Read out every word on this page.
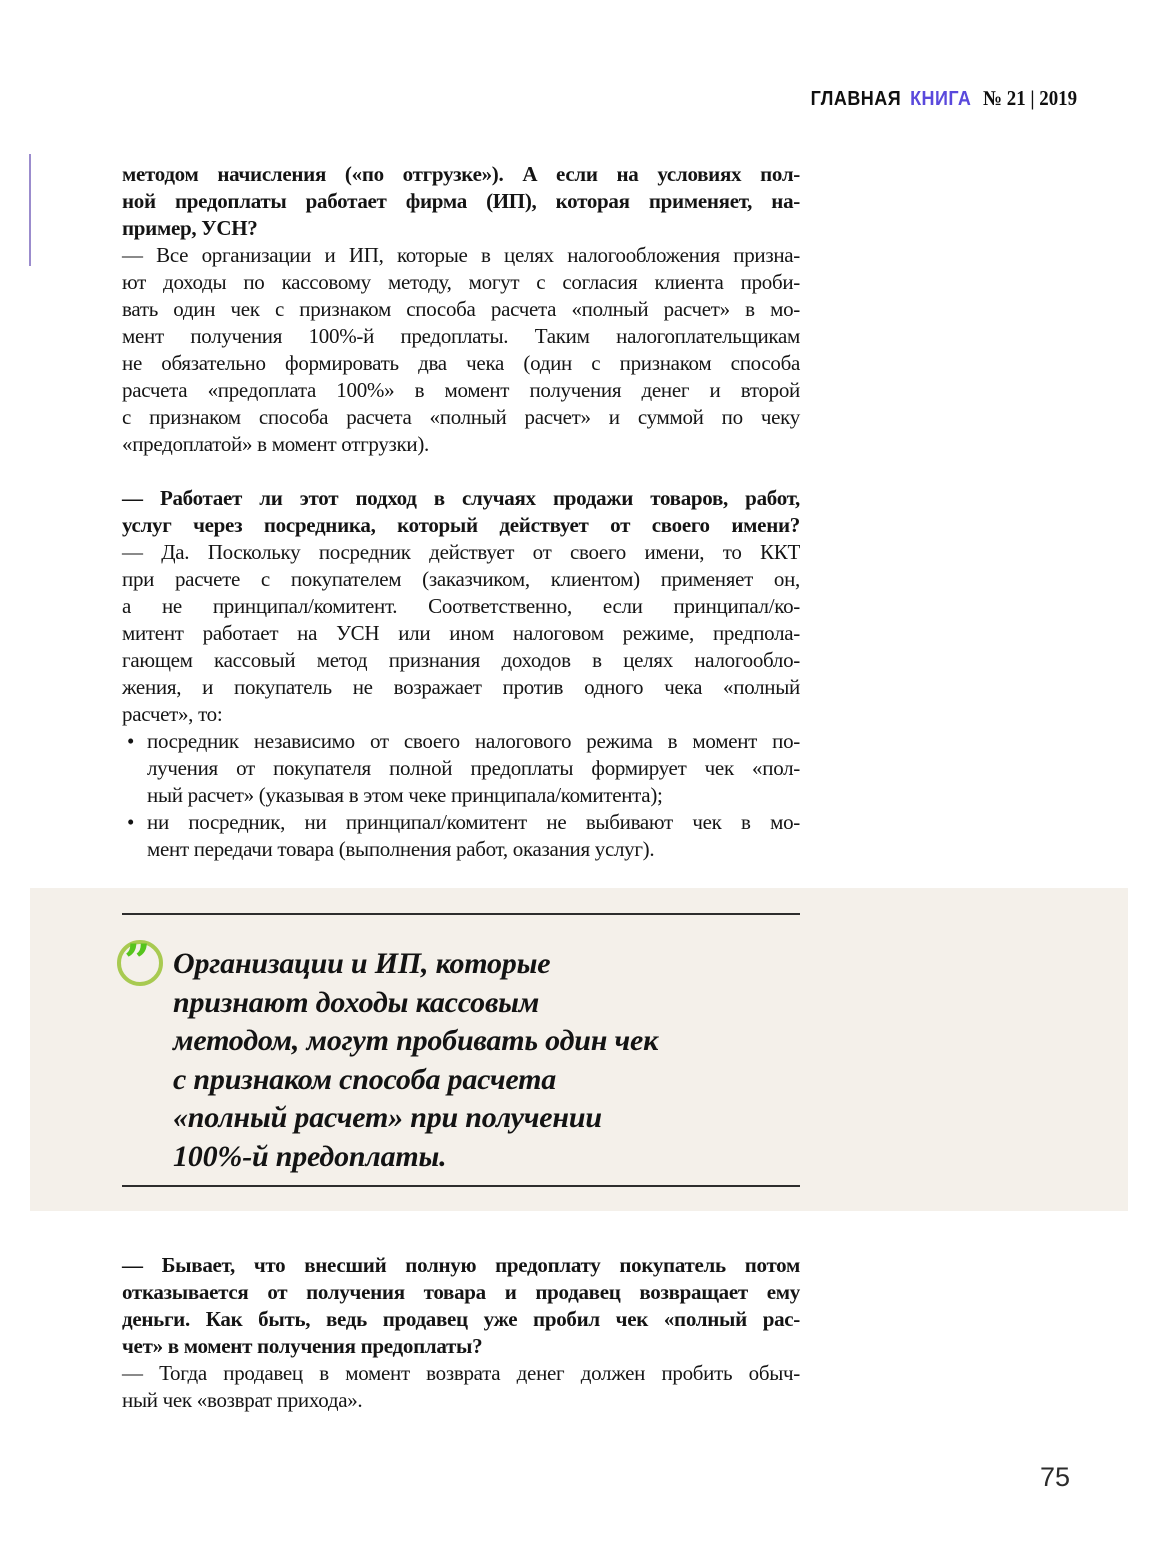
ГЛАВНАЯ КНИГА № 21 | 2019

методом начисления («по отгрузке»). А если на условиях пол-
ной предоплаты работает фирма (ИП), которая применяет, на-
пример, УСН?

— Все организации и ИП, которые в целях налогообложения призна-
ют доходы по кассовому методу, могут с согласия клиента проби-
вать один чек с признаком способа расчета «полный расчет» в мо-
мент получения 100%-й предоплаты. Таким налогоплательщикам
не обязательно формировать два чека (один с признаком способа
расчета «предоплата 100%» в момент получения денег и второй
с признаком способа расчета «полный расчет» и суммой по чеку
«предоплатой» в момент отгрузки).

— Работает ли этот подход в случаях продажи товаров, работ,
услуг через посредника, который действует от своего имени?

— Да. Поскольку посредник действует от своего имени, то ККТ
при расчете с покупателем (заказчиком, клиентом) применяет он,
а не принципал/комитент. Соответственно, если принципал/ко-
митент работает на УСН или ином налоговом режиме, предпола-
гающем кассовый метод признания доходов в целях налогообло-
жения, и покупатель не возражает против одного чека «полный
расчет», то:

• посредник независимо от своего налогового режима в момент по-
лучения от покупателя полной предоплаты формирует чек «пол-
ный расчет» (указывая в этом чеке принципала/комитента);
• ни посредник, ни принципал/комитент не выбивают чек в мо-
мент передачи товара (выполнения работ, оказания услуг).
” Организации и ИП, которые
признают доходы кассовым
методом, могут пробивать один чек
с признаком способа расчета
«полный расчет» при получении
100%-й предоплаты.

— Бывает, что внесший полную предоплату покупатель потом
отказывается от получения товара и продавец возвращает ему
деньги. Как быть, ведь продавец уже пробил чек «полный рас-
чет» в момент получения предоплаты?

— Тогда продавец в момент возврата денег должен пробить обыч-
ный чек «возврат прихода».

75
